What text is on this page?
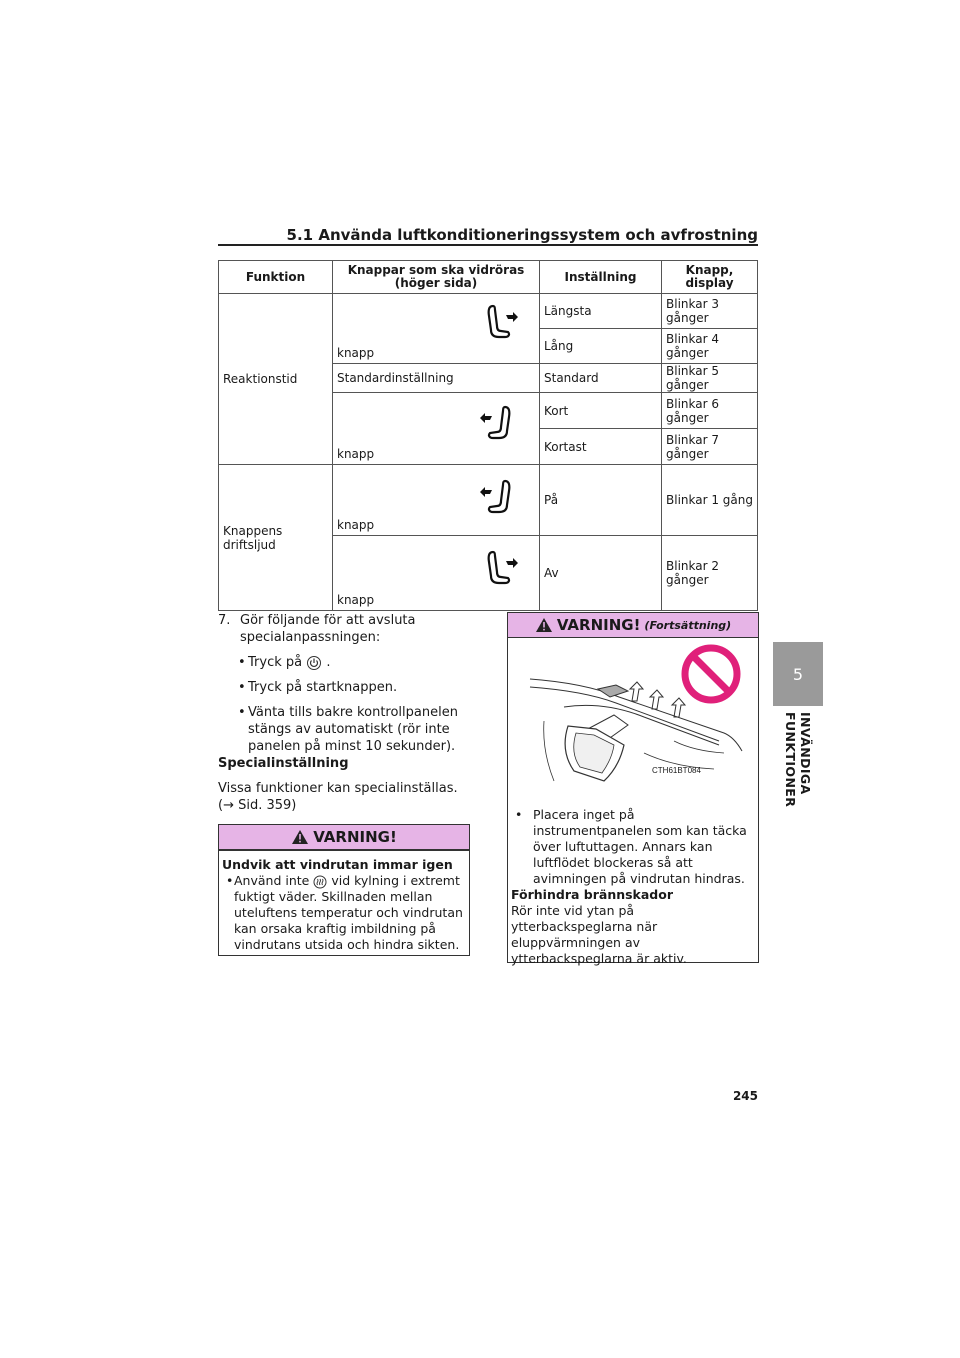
5.1 Använda luftkonditioneringssystem och avfrostning
Funktion	Knappar som ska vidröras (höger sida)	Inställning	Knapp, display
Reaktionstid	knapp	Längsta	Blinkar 3 gånger
		Lång	Blinkar 4 gånger
	Standardinställning	Standard	Blinkar 5 gånger

	knapp	Kort	Blinkar 6 gånger
		Kortast	Blinkar 7 gånger
Knappens driftsljud	knapp	På	Blinkar 1 gång

	knapp	Av	Blinkar 2 gånger
7. Gör följande för att avsluta specialanpassningen:
• Tryck på .
• Tryck på startknappen.
• Vänta tills bakre kontrollpanelen stängs av automatiskt (rör inte panelen på minst 10 sekunder).
Specialinställning
Vissa funktioner kan specialinställas. (→ Sid. 359)
VARNING!
Undvik att vindrutan immar igen
• Använd inte vid kylning i extremt fuktigt väder. Skillnaden mellan uteluftens temperatur och vindrutan kan orsaka kraftig imbildning på vindrutans utsida och hindra sikten.
VARNING! (Fortsättning)
CTH61BT084
• Placera inget på instrumentpanelen som kan täcka över luftuttagen. Annars kan luftflödet blockeras så att avimningen på vindrutan hindras.
Förhindra brännskador
Rör inte vid ytan på ytterbackspeglarna när eluppvärmningen av ytterbackspeglarna är aktiv.
5
INVÄNDIGA FUNKTIONER
245
